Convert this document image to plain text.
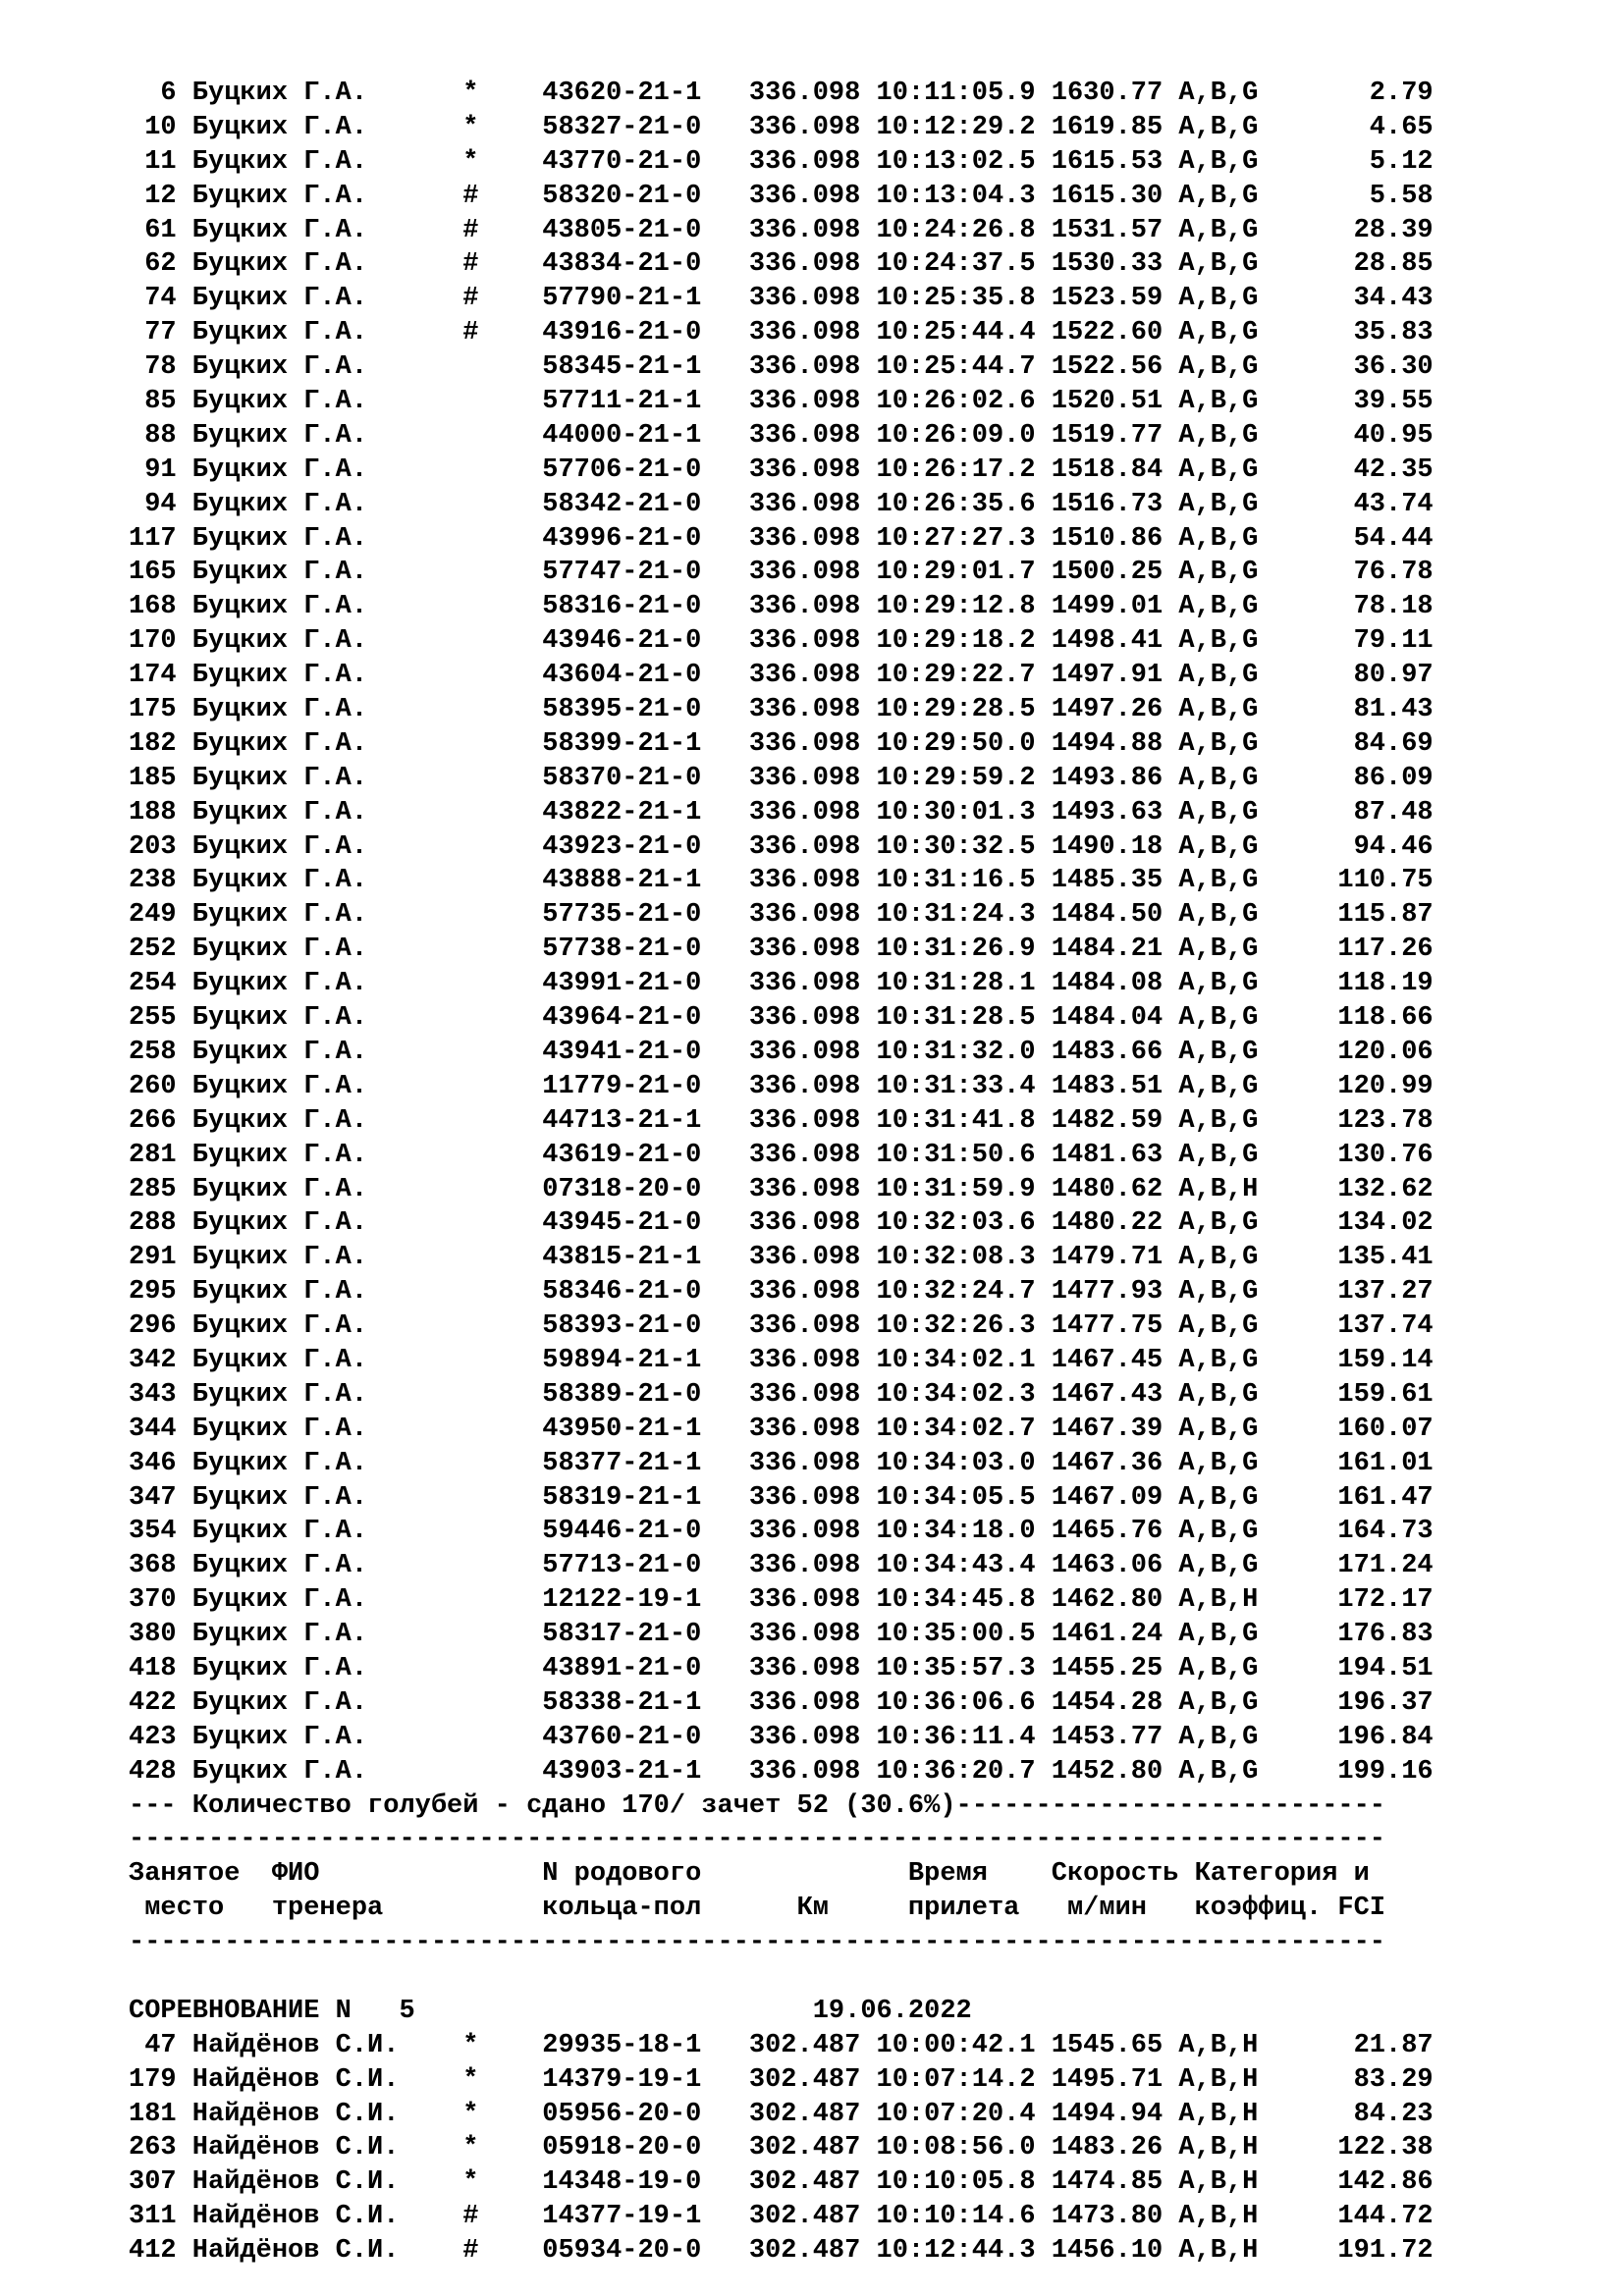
6 Буцких Г.А.      *    43620-21-1   336.098 10:11:05.9 1630.77 A,B,G       2.79
10 Буцких Г.А.      *    58327-21-0   336.098 10:12:29.2 1619.85 A,B,G       4.65
11 Буцких Г.А.      *    43770-21-0   336.098 10:13:02.5 1615.53 A,B,G       5.12
12 Буцких Г.А.      #    58320-21-0   336.098 10:13:04.3 1615.30 A,B,G       5.58
61 Буцких Г.А.      #    43805-21-0   336.098 10:24:26.8 1531.57 A,B,G      28.39
62 Буцких Г.А.      #    43834-21-0   336.098 10:24:37.5 1530.33 A,B,G      28.85
74 Буцких Г.А.      #    57790-21-1   336.098 10:25:35.8 1523.59 A,B,G      34.43
77 Буцких Г.А.      #    43916-21-0   336.098 10:25:44.4 1522.60 A,B,G      35.83
78 Буцких Г.А.           58345-21-1   336.098 10:25:44.7 1522.56 A,B,G      36.30
85 Буцких Г.А.           57711-21-1   336.098 10:26:02.6 1520.51 A,B,G      39.55
88 Буцких Г.А.           44000-21-1   336.098 10:26:09.0 1519.77 A,B,G      40.95
91 Буцких Г.А.           57706-21-0   336.098 10:26:17.2 1518.84 A,B,G      42.35
94 Буцких Г.А.           58342-21-0   336.098 10:26:35.6 1516.73 A,B,G      43.74
117 Буцких Г.А.           43996-21-0   336.098 10:27:27.3 1510.86 A,B,G      54.44
165 Буцких Г.А.           57747-21-0   336.098 10:29:01.7 1500.25 A,B,G      76.78
168 Буцких Г.А.           58316-21-0   336.098 10:29:12.8 1499.01 A,B,G      78.18
170 Буцких Г.А.           43946-21-0   336.098 10:29:18.2 1498.41 A,B,G      79.11
174 Буцких Г.А.           43604-21-0   336.098 10:29:22.7 1497.91 A,B,G      80.97
175 Буцких Г.А.           58395-21-0   336.098 10:29:28.5 1497.26 A,B,G      81.43
182 Буцких Г.А.           58399-21-1   336.098 10:29:50.0 1494.88 A,B,G      84.69
185 Буцких Г.А.           58370-21-0   336.098 10:29:59.2 1493.86 A,B,G      86.09
188 Буцких Г.А.           43822-21-1   336.098 10:30:01.3 1493.63 A,B,G      87.48
203 Буцких Г.А.           43923-21-0   336.098 10:30:32.5 1490.18 A,B,G      94.46
238 Буцких Г.А.           43888-21-1   336.098 10:31:16.5 1485.35 A,B,G     110.75
249 Буцких Г.А.           57735-21-0   336.098 10:31:24.3 1484.50 A,B,G     115.87
252 Буцких Г.А.           57738-21-0   336.098 10:31:26.9 1484.21 A,B,G     117.26
254 Буцких Г.А.           43991-21-0   336.098 10:31:28.1 1484.08 A,B,G     118.19
255 Буцких Г.А.           43964-21-0   336.098 10:31:28.5 1484.04 A,B,G     118.66
258 Буцких Г.А.           43941-21-0   336.098 10:31:32.0 1483.66 A,B,G     120.06
260 Буцких Г.А.           11779-21-0   336.098 10:31:33.4 1483.51 A,B,G     120.99
266 Буцких Г.А.           44713-21-1   336.098 10:31:41.8 1482.59 A,B,G     123.78
281 Буцких Г.А.           43619-21-0   336.098 10:31:50.6 1481.63 A,B,G     130.76
285 Буцких Г.А.           07318-20-0   336.098 10:31:59.9 1480.62 A,B,H     132.62
288 Буцких Г.А.           43945-21-0   336.098 10:32:03.6 1480.22 A,B,G     134.02
291 Буцких Г.А.           43815-21-1   336.098 10:32:08.3 1479.71 A,B,G     135.41
295 Буцких Г.А.           58346-21-0   336.098 10:32:24.7 1477.93 A,B,G     137.27
296 Буцких Г.А.           58393-21-0   336.098 10:32:26.3 1477.75 A,B,G     137.74
342 Буцких Г.А.           59894-21-1   336.098 10:34:02.1 1467.45 A,B,G     159.14
343 Буцких Г.А.           58389-21-0   336.098 10:34:02.3 1467.43 A,B,G     159.61
344 Буцких Г.А.           43950-21-1   336.098 10:34:02.7 1467.39 A,B,G     160.07
346 Буцких Г.А.           58377-21-1   336.098 10:34:03.0 1467.36 A,B,G     161.01
347 Буцких Г.А.           58319-21-1   336.098 10:34:05.5 1467.09 A,B,G     161.47
354 Буцких Г.А.           59446-21-0   336.098 10:34:18.0 1465.76 A,B,G     164.73
368 Буцких Г.А.           57713-21-0   336.098 10:34:43.4 1463.06 A,B,G     171.24
370 Буцких Г.А.           12122-19-1   336.098 10:34:45.8 1462.80 A,B,H     172.17
380 Буцких Г.А.           58317-21-0   336.098 10:35:00.5 1461.24 A,B,G     176.83
418 Буцких Г.А.           43891-21-0   336.098 10:35:57.3 1455.25 A,B,G     194.51
422 Буцких Г.А.           58338-21-1   336.098 10:36:06.6 1454.28 A,B,G     196.37
423 Буцких Г.А.           43760-21-0   336.098 10:36:11.4 1453.77 A,B,G     196.84
428 Буцких Г.А.           43903-21-1   336.098 10:36:20.7 1452.80 A,B,G     199.16
--- Количество голубей - сдано 170/ зачет 52 (30.6%)---------------------------
-------------------------------------------------------------------------------
Занятое  ФИО              N родового             Время    Скорость Категория и
место   тренера          кольца-пол      Км     прилета   м/мин   коэффиц. FCI
-------------------------------------------------------------------------------

СОРЕВНОВАНИЕ N   5                         19.06.2022
47 Найдёнов С.И.    *    29935-18-1   302.487 10:00:42.1 1545.65 A,B,H      21.87
179 Найдёнов С.И.    *    14379-19-1   302.487 10:07:14.2 1495.71 A,B,H      83.29
181 Найдёнов С.И.    *    05956-20-0   302.487 10:07:20.4 1494.94 A,B,H      84.23
263 Найдёнов С.И.    *    05918-20-0   302.487 10:08:56.0 1483.26 A,B,H     122.38
307 Найдёнов С.И.    *    14348-19-0   302.487 10:10:05.8 1474.85 A,B,H     142.86
311 Найдёнов С.И.    #    14377-19-1   302.487 10:10:14.6 1473.80 A,B,H     144.72
412 Найдёнов С.И.    #    05934-20-0   302.487 10:12:44.3 1456.10 A,B,H     191.72
